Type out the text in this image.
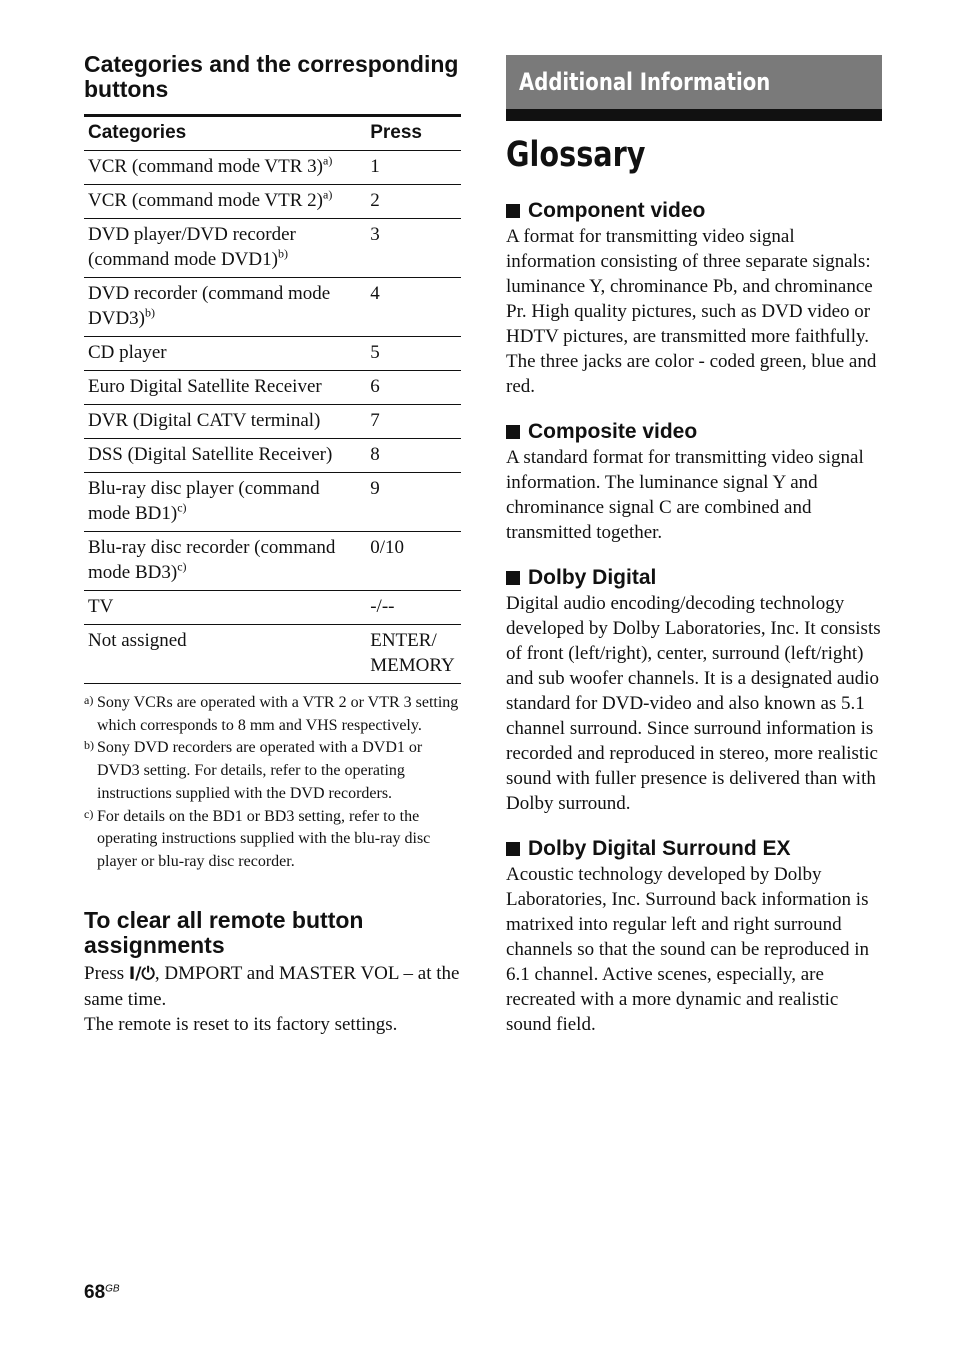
Categories and the corresponding buttons
Categories	Press
VCR (command mode VTR 3)$^{a)}$	1
VCR (command mode VTR 2)$^{a)}$	2
DVD player/DVD recorder (command mode DVD1)$^{b)}$	3
DVD recorder (command mode DVD3)$^{b)}$	4
CD player	5
Euro Digital Satellite Receiver	6
DVR (Digital CATV terminal)	7
DSS (Digital Satellite Receiver)	8
Blu-ray disc player (command mode BD1)$^{c)}$	9
Blu-ray disc recorder (command mode BD3)$^{c)}$	0/10
TV	-/--
Not assigned	ENTER/ MEMORY
a) Sony VCRs are operated with a VTR 2 or VTR 3 setting which corresponds to 8 mm and VHS respectively.
b) Sony DVD recorders are operated with a DVD1 or DVD3 setting. For details, refer to the operating instructions supplied with the DVD recorders.
c) For details on the BD1 or BD3 setting, refer to the operating instructions supplied with the blu-ray disc player or blu-ray disc recorder.
To clear all remote button assignments

Press I/⏻, DMPORT and MASTER VOL – at the same time.

The remote is reset to its factory settings.

Additional Information
Glossary
Component video

A format for transmitting video signal information consisting of three separate signals: luminance Y, chrominance Pb, and chrominance Pr. High quality pictures, such as DVD video or HDTV pictures, are transmitted more faithfully. The three jacks are color - coded green, blue and red.

Composite video

A standard format for transmitting video signal information. The luminance signal Y and chrominance signal C are combined and transmitted together.

Dolby Digital

Digital audio encoding/decoding technology developed by Dolby Laboratories, Inc. It consists of front (left/right), center, surround (left/right) and sub woofer channels. It is a designated audio standard for DVD-video and also known as 5.1 channel surround. Since surround information is recorded and reproduced in stereo, more realistic sound with fuller presence is delivered than with Dolby surround.

Dolby Digital Surround EX

Acoustic technology developed by Dolby Laboratories, Inc. Surround back information is matrixed into regular left and right surround channels so that the sound can be reproduced in 6.1 channel. Active scenes, especially, are recreated with a more dynamic and realistic sound field.

$68^{GB}$
